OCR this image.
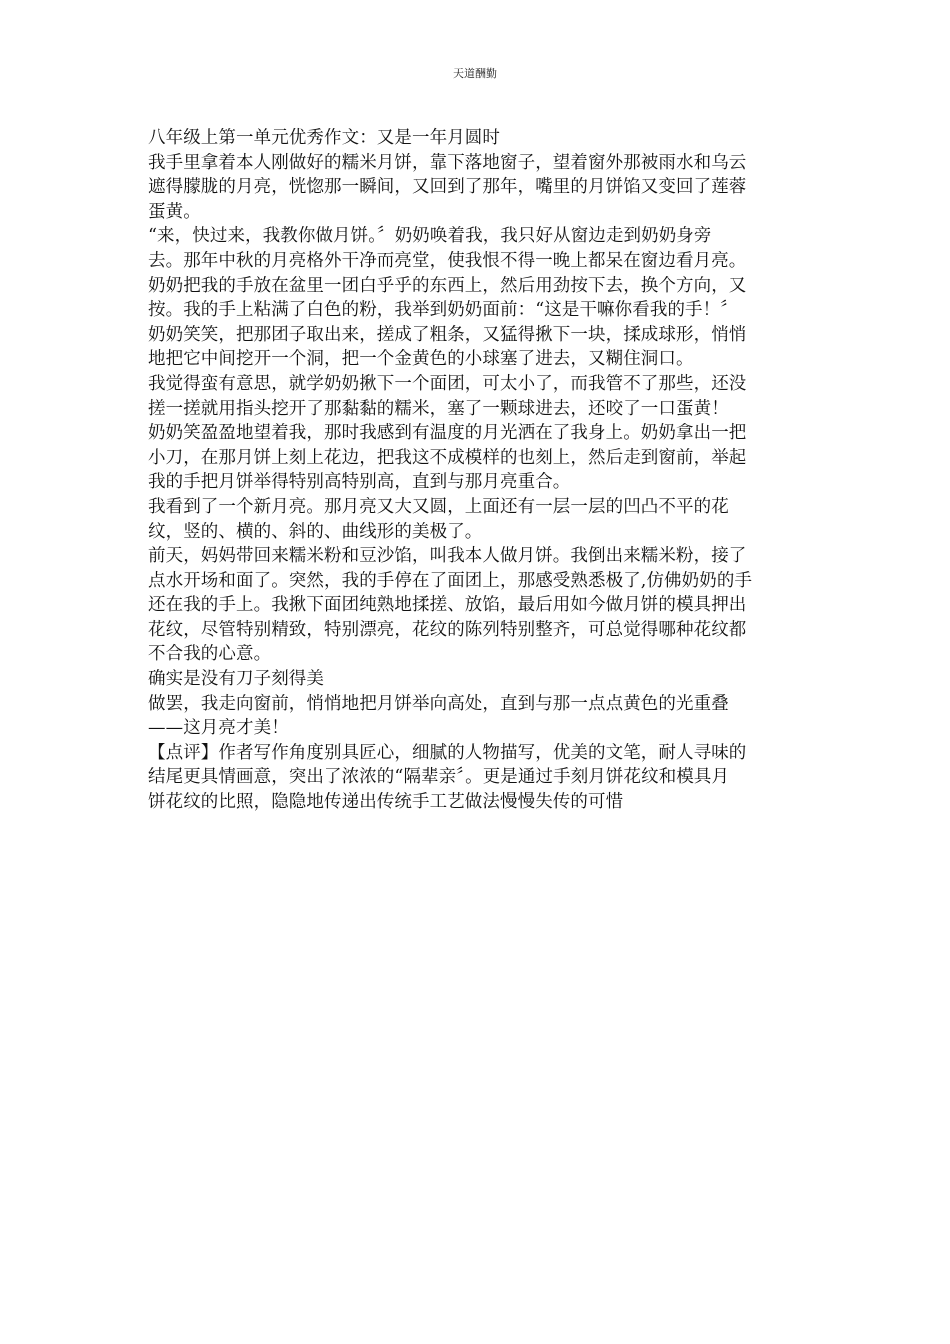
天道酬勤
八年级上第一单元优秀作文：又是一年月圆时
我手里拿着本人刚做好的糯米月饼，靠下落地窗子，望着窗外那被雨水和乌云
遮得朦胧的月亮，恍惚那一瞬间，又回到了那年，嘴里的月饼馅又变回了莲蓉
蛋黄。
“来，快过来，我教你做月饼。〞奶奶唤着我，我只好从窗边走到奶奶身旁
去。那年中秋的月亮格外干净而亮堂，使我恨不得一晚上都呆在窗边看月亮。
奶奶把我的手放在盆里一团白乎乎的东西上，然后用劲按下去，换个方向，又
按。我的手上粘满了白色的粉，我举到奶奶面前：“这是干嘛你看我的手！〞
奶奶笑笑，把那团子取出来，搓成了粗条，又猛得揪下一块，揉成球形，悄悄
地把它中间挖开一个洞，把一个金黄色的小球塞了进去，又糊住洞口。
我觉得蛮有意思，就学奶奶揪下一个面团，可太小了，而我管不了那些，还没
搓一搓就用指头挖开了那黏黏的糯米，塞了一颗球进去，还咬了一口蛋黄！
奶奶笑盈盈地望着我，那时我感到有温度的月光洒在了我身上。奶奶拿出一把
小刀，在那月饼上刻上花边，把我这不成模样的也刻上，然后走到窗前，举起
我的手把月饼举得特别高特别高，直到与那月亮重合。
我看到了一个新月亮。那月亮又大又圆，上面还有一层一层的凹凸不平的花
纹，竖的、横的、斜的、曲线形的美极了。
前天，妈妈带回来糯米粉和豆沙馅，叫我本人做月饼。我倒出来糯米粉，接了
点水开场和面了。突然，我的手停在了面团上，那感受熟悉极了,仿佛奶奶的手
还在我的手上。我揪下面团纯熟地揉搓、放馅，最后用如今做月饼的模具押出
花纹，尽管特别精致，特别漂亮，花纹的陈列特别整齐，可总觉得哪种花纹都
不合我的心意。
确实是没有刀子刻得美
做罢，我走向窗前，悄悄地把月饼举向高处，直到与那一点点黄色的光重叠
——这月亮才美！
【点评】作者写作角度别具匠心，细腻的人物描写，优美的文笔，耐人寻味的
结尾更具情画意，突出了浓浓的“隔辈亲〞。更是通过手刻月饼花纹和模具月
饼花纹的比照，隐隐地传递出传统手工艺做法慢慢失传的可惜
